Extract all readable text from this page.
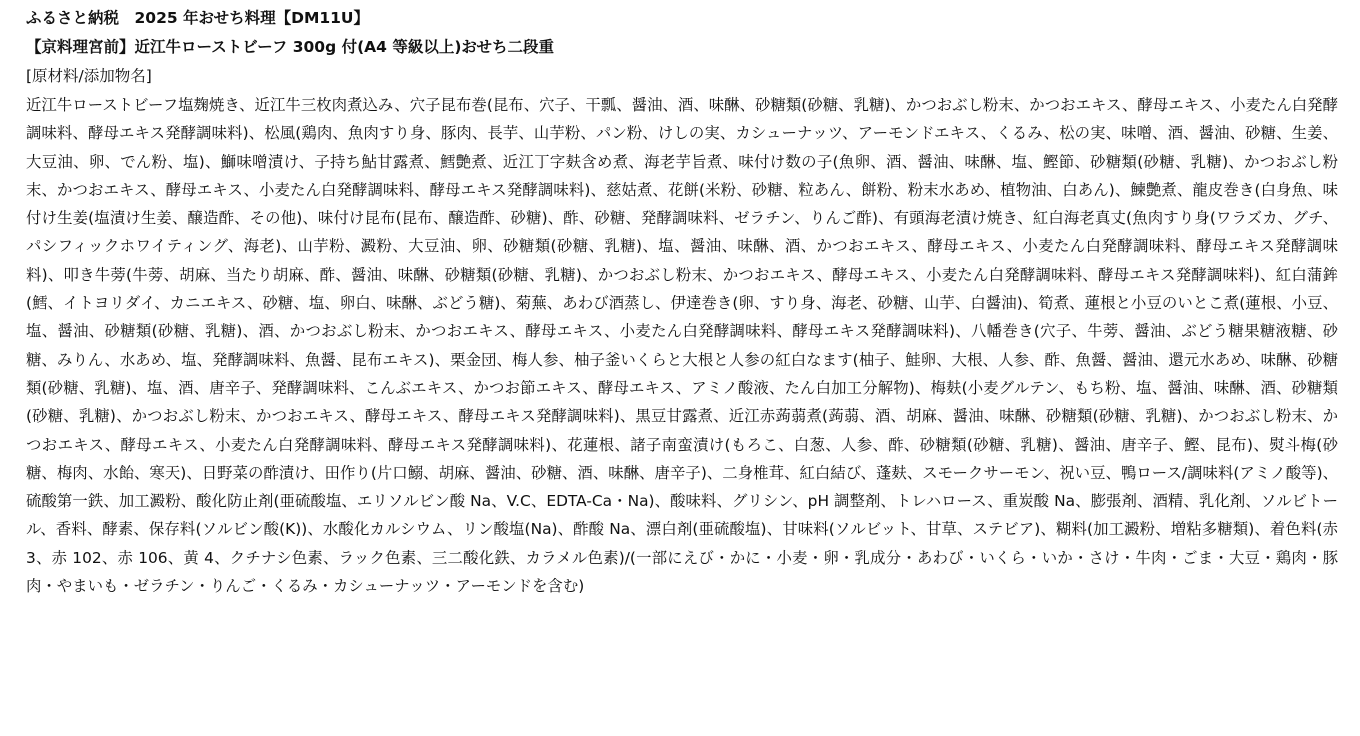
ふるさと納税　2025 年おせち料理【DM11U】
【京料理宮前】近江牛ローストビーフ 300g 付(A4 等級以上)おせち二段重
[原材料/添加物名]
近江牛ローストビーフ塩麹焼き、近江牛三枚肉煮込み、穴子昆布巻(昆布、穴子、干瓢、醤油、酒、味醂、砂糖類(砂糖、乳糖)、かつおぶし粉末、かつおエキス、酵母エキス、小麦たん白発酵調味料、酵母エキス発酵調味料)、松風(鶏肉、魚肉すり身、豚肉、長芋、山芋粉、パン粉、けしの実、カシューナッツ、アーモンドエキス、くるみ、松の実、味噌、酒、醤油、砂糖、生姜、大豆油、卵、でん粉、塩)、鰤味噌漬け、子持ち鮎甘露煮、鱈艶煮、近江丁字麸含め煮、海老芋旨煮、味付け数の子(魚卵、酒、醤油、味醂、塩、鰹節、砂糖類(砂糖、乳糖)、かつおぶし粉末、かつおエキス、酵母エキス、小麦たん白発酵調味料、酵母エキス発酵調味料)、慈姑煮、花餅(米粉、砂糖、粒あん、餅粉、粉末水あめ、植物油、白あん)、鰊艶煮、龍皮巻き(白身魚、味付け生姜(塩漬け生姜、醸造酢、その他)、味付け昆布(昆布、醸造酢、砂糖)、酢、砂糖、発酵調味料、ゼラチン、りんご酢)、有頭海老漬け焼き、紅白海老真丈(魚肉すり身(ワラズカ、グチ、パシフィックホワイティング、海老)、山芋粉、澱粉、大豆油、卵、砂糖類(砂糖、乳糖)、塩、醤油、味醂、酒、かつおエキス、酵母エキス、小麦たん白発酵調味料、酵母エキス発酵調味料)、叩き牛蒡(牛蒡、胡麻、当たり胡麻、酢、醤油、味醂、砂糖類(砂糖、乳糖)、かつおぶし粉末、かつおエキス、酵母エキス、小麦たん白発酵調味料、酵母エキス発酵調味料)、紅白蒲鉾(鱈、イトヨリダイ、カニエキス、砂糖、塩、卵白、味醂、ぶどう糖)、菊蕪、あわび酒蒸し、伊達巻き(卵、すり身、海老、砂糖、山芋、白醤油)、筍煮、蓮根と小豆のいとこ煮(蓮根、小豆、塩、醤油、砂糖類(砂糖、乳糖)、酒、かつおぶし粉末、かつおエキス、酵母エキス、小麦たん白発酵調味料、酵母エキス発酵調味料)、八幡巻き(穴子、牛蒡、醤油、ぶどう糖果糖液糖、砂糖、みりん、水あめ、塩、発酵調味料、魚醤、昆布エキス)、栗金団、梅人参、柚子釜いくらと大根と人参の紅白なます(柚子、鮭卵、大根、人参、酢、魚醤、醤油、還元水あめ、味醂、砂糖類(砂糖、乳糖)、塩、酒、唐辛子、発酵調味料、こんぶエキス、かつお節エキス、酵母エキス、アミノ酸液、たん白加工分解物)、梅麸(小麦グルテン、もち粉、塩、醤油、味醂、酒、砂糖類(砂糖、乳糖)、かつおぶし粉末、かつおエキス、酵母エキス、酵母エキス発酵調味料)、黒豆甘露煮、近江赤蒟蒻煮(蒟蒻、酒、胡麻、醤油、味醂、砂糖類(砂糖、乳糖)、かつおぶし粉末、かつおエキス、酵母エキス、小麦たん白発酵調味料、酵母エキス発酵調味料)、花蓮根、諸子南蛮漬け(もろこ、白葱、人参、酢、砂糖類(砂糖、乳糖)、醤油、唐辛子、鰹、昆布)、熨斗梅(砂糖、梅肉、水飴、寒天)、日野菜の酢漬け、田作り(片口鰯、胡麻、醤油、砂糖、酒、味醂、唐辛子)、二身椎茸、紅白結び、蓬麸、スモークサーモン、祝い豆、鴨ロース/調味料(アミノ酸等)、硫酸第一鉄、加工澱粉、酸化防止剤(亜硫酸塩、エリソルビン酸 Na、V.C、EDTA-Ca・Na)、酸味料、グリシン、pH 調整剤、トレハロース、重炭酸 Na、膨張剤、酒精、乳化剤、ソルビトール、香料、酵素、保存料(ソルビン酸(K))、水酸化カルシウム、リン酸塩(Na)、酢酸 Na、漂白剤(亜硫酸塩)、甘味料(ソルビット、甘草、ステビア)、糊料(加工澱粉、増粘多糖類)、着色料(赤 3、赤 102、赤 106、黄 4、クチナシ色素、ラック色素、三二酸化鉄、カラメル色素)/(一部にえび・かに・小麦・卵・乳成分・あわび・いくら・いか・さけ・牛肉・ごま・大豆・鶏肉・豚肉・やまいも・ゼラチン・りんご・くるみ・カシューナッツ・アーモンドを含む)
